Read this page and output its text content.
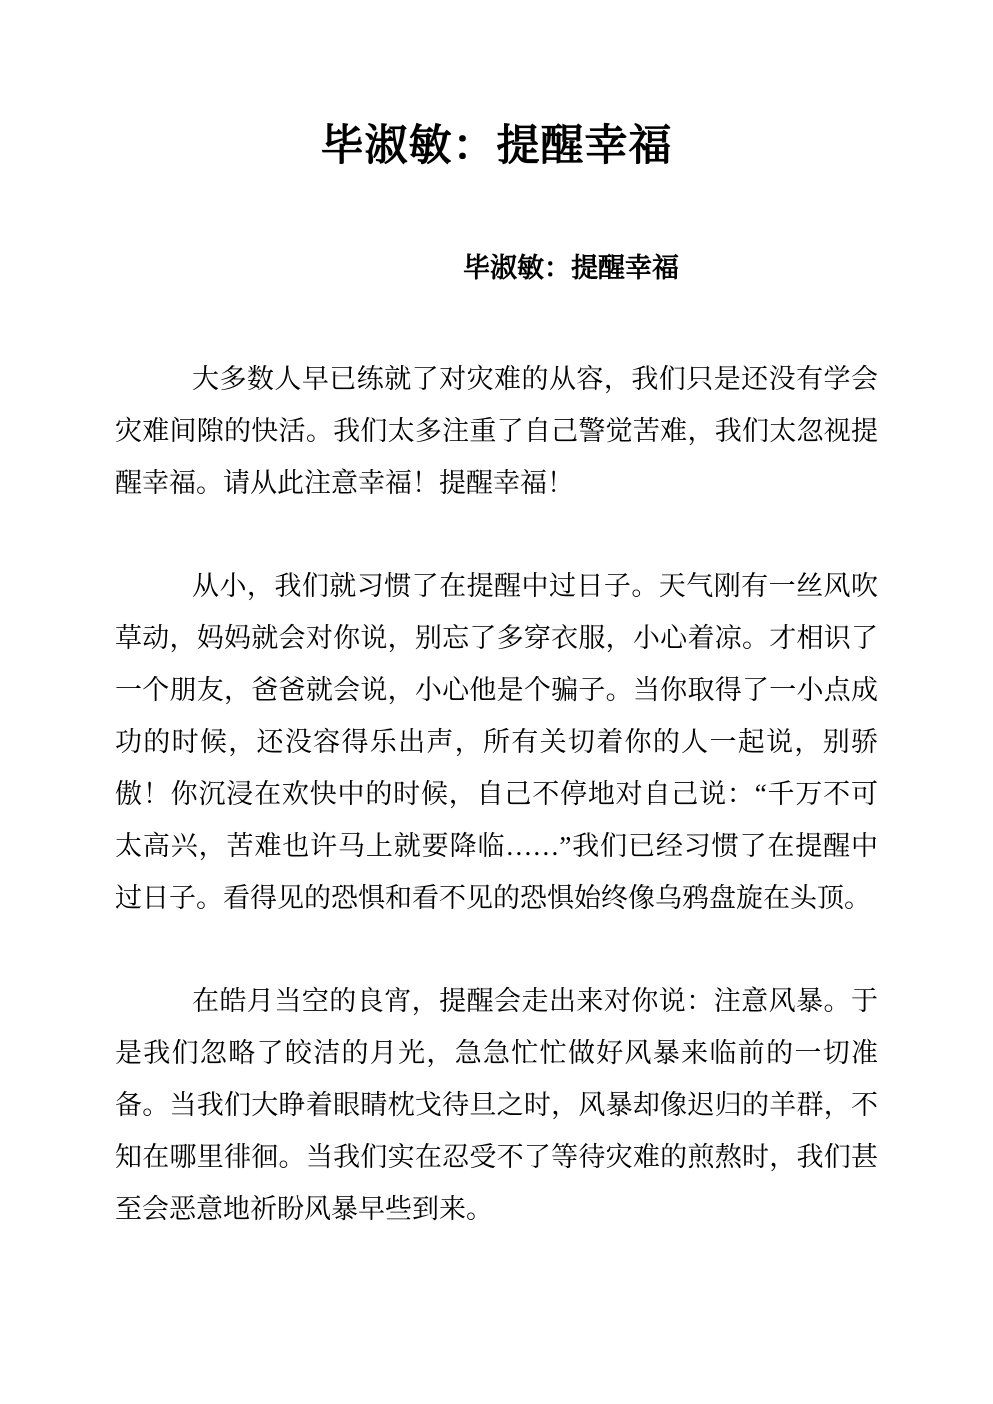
毕淑敏：提醒幸福
毕淑敏：提醒幸福

大多数人早已练就了对灾难的从容，我们只是还没有学会灾难间隙的快活。我们太多注重了自己警觉苦难，我们太忽视提醒幸福。请从此注意幸福！提醒幸福！

从小，我们就习惯了在提醒中过日子。天气刚有一丝风吹草动，妈妈就会对你说，别忘了多穿衣服，小心着凉。才相识了一个朋友，爸爸就会说，小心他是个骗子。当你取得了一小点成功的时候，还没容得乐出声，所有关切着你的人一起说，别骄傲！你沉浸在欢快中的时候，自己不停地对自己说：“千万不可太高兴，苦难也许马上就要降临……”我们已经习惯了在提醒中过日子。看得见的恐惧和看不见的恐惧始终像乌鸦盘旋在头顶。

在皓月当空的良宵，提醒会走出来对你说：注意风暴。于是我们忽略了皎洁的月光，急急忙忙做好风暴来临前的一切准备。当我们大睁着眼睛枕戈待旦之时，风暴却像迟归的羊群，不知在哪里徘徊。当我们实在忍受不了等待灾难的煎熬时，我们甚至会恶意地祈盼风暴早些到来。
